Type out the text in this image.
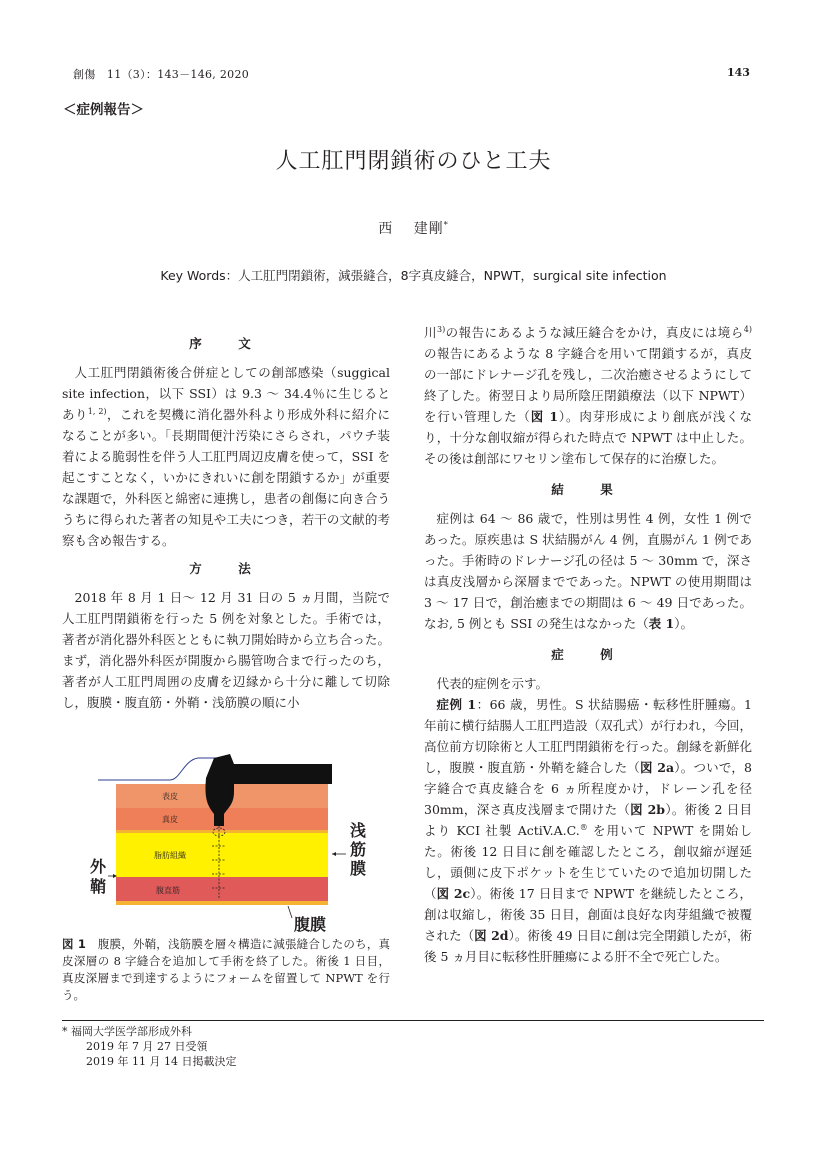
創傷　11（3）：143－146, 2020	143
＜症例報告＞
人工肛門閉鎖術のひと工夫
西　 建剛*
Key Words：人工肛門閉鎖術，減張縫合，8字真皮縫合，NPWT，surgical site infection
序　文

人工肛門閉鎖術後合併症としての創部感染（suggical site infection，以下 SSI）は 9.3 ～ 34.4％に生じるとあり$^{1, 2)}$，これを契機に消化器外科より形成外科に紹介になることが多い。「長期間便汁汚染にさらされ，パウチ装着による脆弱性を伴う人工肛門周辺皮膚を使って，SSI を起こすことなく，いかにきれいに創を閉鎖するか」が重要な課題で，外科医と綿密に連携し，患者の創傷に向き合ううちに得られた著者の知見や工夫につき，若干の文献的考察も含め報告する。

方　法

2018 年 8 月 1 日～ 12 月 31 日の 5 ヵ月間，当院で人工肛門閉鎖術を行った 5 例を対象とした。手術では，著者が消化器外科医とともに執刀開始時から立ち合った。まず，消化器外科医が開腹から腸管吻合まで行ったのち，著者が人工肛門周囲の皮膚を辺縁から十分に離して切除し，腹膜・腹直筋・外鞘・浅筋膜の順に小

川$^{3)}$の報告にあるような減圧縫合をかけ，真皮には境ら$^{4)}$の報告にあるような 8 字縫合を用いて閉鎖するが，真皮の一部にドレナージ孔を残し，二次治癒させるようにして終了した。術翌日より局所陰圧閉鎖療法（以下 NPWT）を行い管理した（図 1）。肉芽形成により創底が浅くなり，十分な創収縮が得られた時点で NPWT は中止した。その後は創部にワセリン塗布して保存的に治療した。

結　果

症例は 64 ～ 86 歳で，性別は男性 4 例，女性 1 例であった。原疾患は S 状結腸がん 4 例，直腸がん 1 例であった。手術時のドレナージ孔の径は 5 ～ 30mm で，深さは真皮浅層から深層までであった。NPWT の使用期間は 3 ～ 17 日で，創治癒までの期間は 6 ～ 49 日であった。なお, 5 例とも SSI の発生はなかった（表 1）。

症　例

代表的症例を示す。

症例 1：66 歳，男性。S 状結腸癌・転移性肝腫瘍。1 年前に横行結腸人工肛門造設（双孔式）が行われ，今回，高位前方切除術と人工肛門閉鎖術を行った。創縁を新鮮化し，腹膜・腹直筋・外鞘を縫合した（図 2a）。ついで，8 字縫合で真皮縫合を 6 ヵ所程度かけ，ドレーン孔を径 30mm，深さ真皮浅層まで開けた（図 2b）。術後 2 日目より KCI 社製 ActiV.A.C.® を用いて NPWT を開始した。術後 12 日目に創を確認したところ，創収縮が遅延し，頭側に皮下ポケットを生じていたので追加切開した（図 2c）。術後 17 日目まで NPWT を継続したところ，創は収縮し，術後 35 日目，創面は良好な肉芽組織で被覆された（図 2d）。術後 49 日目に創は完全閉鎖したが，術後 5 ヵ月目に転移性肝腫瘍による肝不全で死亡した。

表皮
真皮
脂肪組織
腹直筋
浅
筋
膜
外
鞘
腹膜
図 1　 腹膜，外鞘，浅筋膜を層々構造に減張縫合したのち，真皮深層の 8 字縫合を追加して手術を終了した。術後 1 日目，真皮深層まで到達するようにフォームを留置して NPWT を行う。
* 福岡大学医学部形成外科
2019 年 7 月 27 日受領
2019 年 11 月 14 日掲載決定
